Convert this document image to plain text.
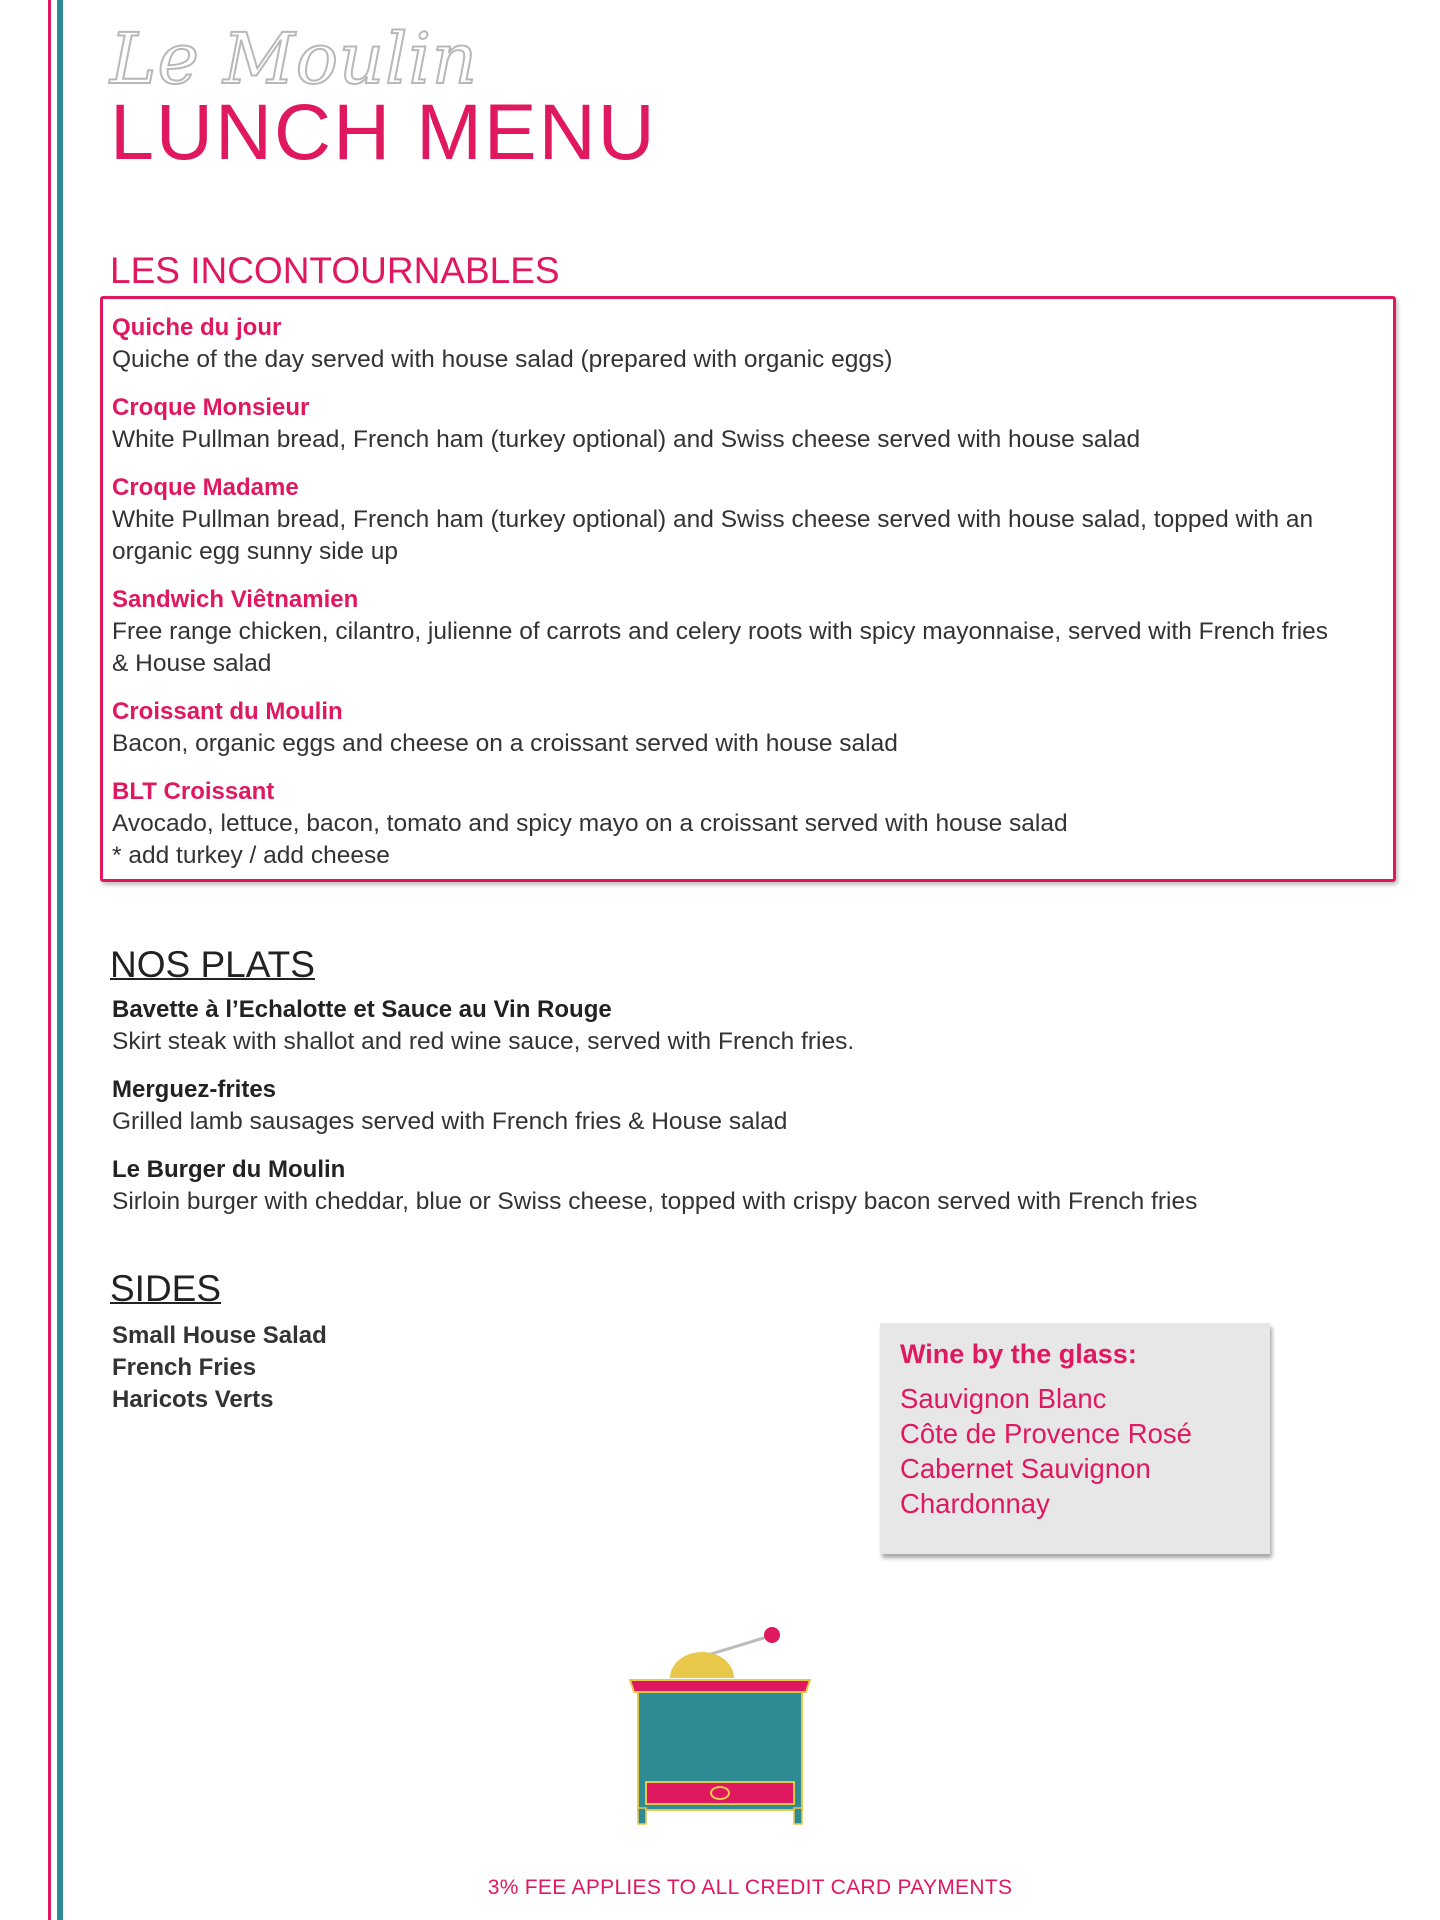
Le Moulin
LUNCH MENU
LES INCONTOURNABLES
Quiche du jour
Quiche of the day served with house salad (prepared with organic eggs)
Croque Monsieur
White Pullman bread, French ham (turkey optional) and Swiss cheese served with house salad
Croque Madame
White Pullman bread, French ham (turkey optional) and Swiss cheese served with house salad, topped with an
organic egg sunny side up
Sandwich Viêtnamien
Free range chicken, cilantro, julienne of carrots and celery roots with spicy mayonnaise, served with French fries
& House salad
Croissant du Moulin
Bacon, organic eggs and cheese on a croissant served with house salad
BLT Croissant
Avocado, lettuce, bacon, tomato and spicy mayo on a croissant served with house salad
* add turkey / add cheese
NOS PLATS
Bavette à l’Echalotte et Sauce au Vin Rouge
Skirt steak with shallot and red wine sauce, served with French fries.
Merguez-frites
Grilled lamb sausages served with French fries & House salad
Le Burger du Moulin
Sirloin burger with cheddar, blue or Swiss cheese, topped with crispy bacon served with French fries
SIDES
Small House Salad
French Fries
Haricots Verts
Wine by the glass:
Sauvignon Blanc
Côte de Provence Rosé
Cabernet Sauvignon
Chardonnay
3% FEE APPLIES TO ALL CREDIT CARD PAYMENTS
